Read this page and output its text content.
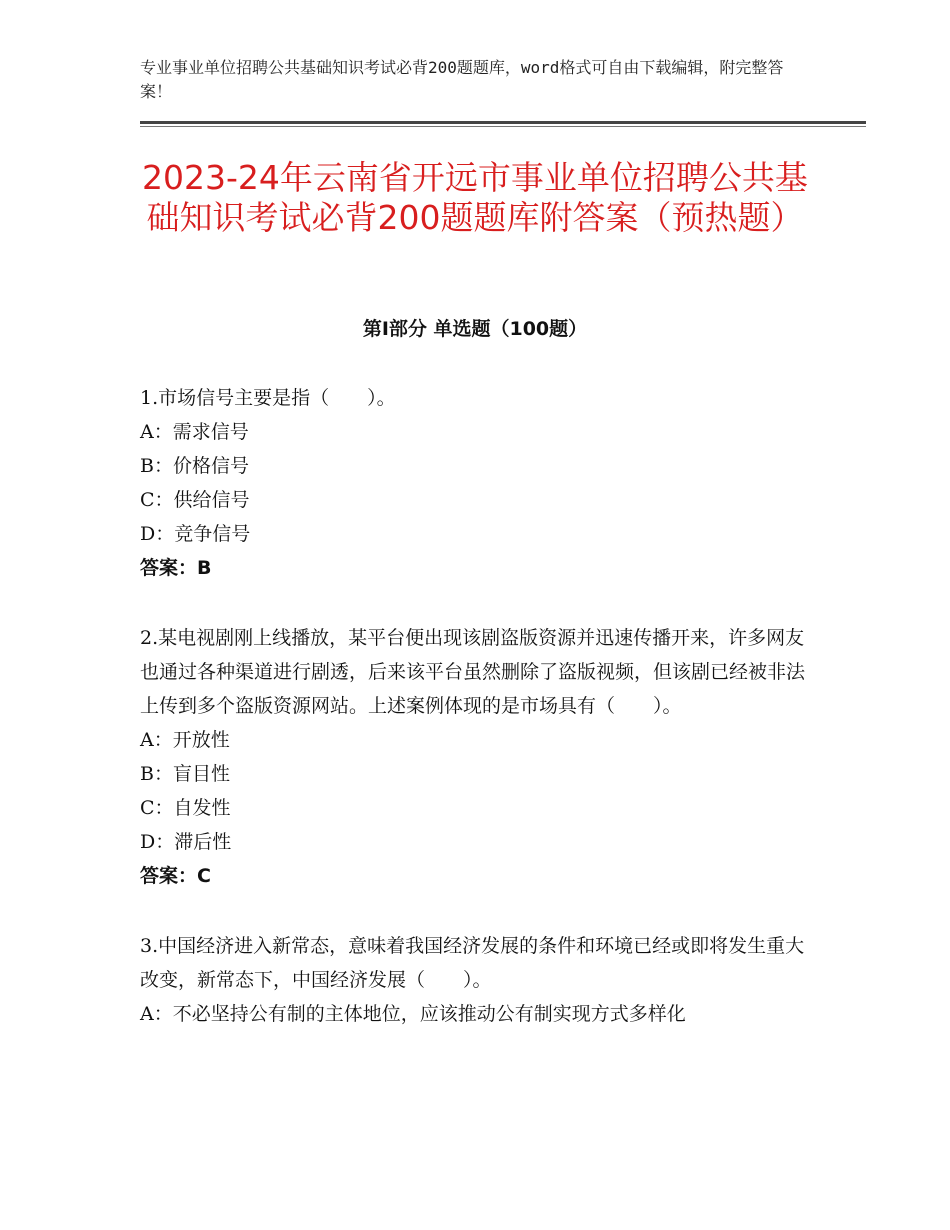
专业事业单位招聘公共基础知识考试必背200题题库，word格式可自由下载编辑，附完整答案！
2023-24年云南省开远市事业单位招聘公共基础知识考试必背200题题库附答案（预热题）
第Ⅰ部分 单选题（100题）

1.市场信号主要是指（　　）。

A：需求信号

B：价格信号

C：供给信号

D：竞争信号

答案：B

2.某电视剧刚上线播放，某平台便出现该剧盗版资源并迅速传播开来，许多网友也通过各种渠道进行剧透，后来该平台虽然删除了盗版视频，但该剧已经被非法上传到多个盗版资源网站。上述案例体现的是市场具有（　　）。

A：开放性

B：盲目性

C：自发性

D：滞后性

答案：C

3.中国经济进入新常态，意味着我国经济发展的条件和环境已经或即将发生重大改变，新常态下，中国经济发展（　　）。

A：不必坚持公有制的主体地位，应该推动公有制实现方式多样化
